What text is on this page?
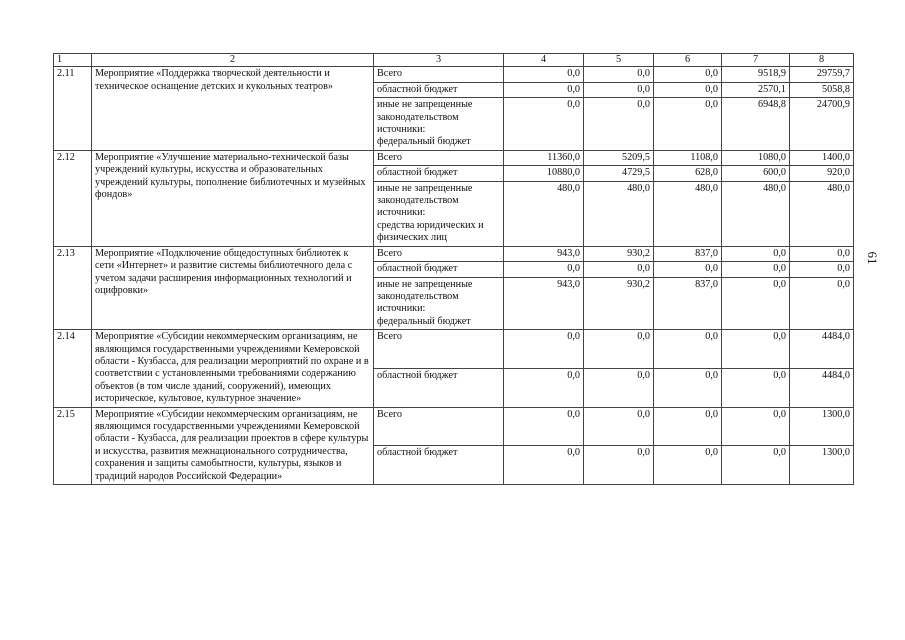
1	2	3	4	5	6	7	8
2.11	Мероприятие «Поддержка творческой деятельности и техническое оснащение детских и кукольных театров»	Всего	0,0	0,0	0,0	9518,9	29759,7
		областной бюджет	0,0	0,0	0,0	2570,1	5058,8

		иные не запрещенные
законодательством
источники:
федеральный бюджет	0,0	0,0	0,0	6948,8	24700,9
2.12	Мероприятие «Улучшение материально-технической базы учреждений культуры, искусства и образовательных учреждений культуры, пополнение библиотечных и музейных фондов»	Всего	11360,0	5209,5	1108,0	1080,0	1400,0
		областной бюджет	10880,0	4729,5	628,0	600,0	920,0

		иные не запрещенные
законодательством
источники:
средства юридических и
физических лиц	480,0	480,0	480,0	480,0	480,0
2.13	Мероприятие «Подключение общедоступных библиотек к сети «Интернет» и развитие системы библиотечного дела с учетом задачи расширения информационных технологий и оцифровки»	Всего	943,0	930,2	837,0	0,0	0,0
		областной бюджет	0,0	0,0	0,0	0,0	0,0

		иные не запрещенные
законодательством
источники:
федеральный бюджет	943,0	930,2	837,0	0,0	0,0
2.14	Мероприятие «Субсидии некоммерческим организациям, не являющимся государственными учреждениями Кемеровской области - Кузбасса, для реализации мероприятий по охране и в соответствии с установленными требованиями содержанию объектов (в том числе зданий, сооружений), имеющих историческое, культовое, культурное значение»	Всего	0,0	0,0	0,0	0,0	4484,0
		областной бюджет	0,0	0,0	0,0	0,0	4484,0
2.15	Мероприятие «Субсидии некоммерческим организациям, не являющимся государственными учреждениями Кемеровской области - Кузбасса, для реализации проектов в сфере культуры и искусства, развития межнационального сотрудничества, сохранения и защиты самобытности, культуры, языков и традиций народов Российской Федерации»	Всего	0,0	0,0	0,0	0,0	1300,0
		областной бюджет	0,0	0,0	0,0	0,0	1300,0
61
